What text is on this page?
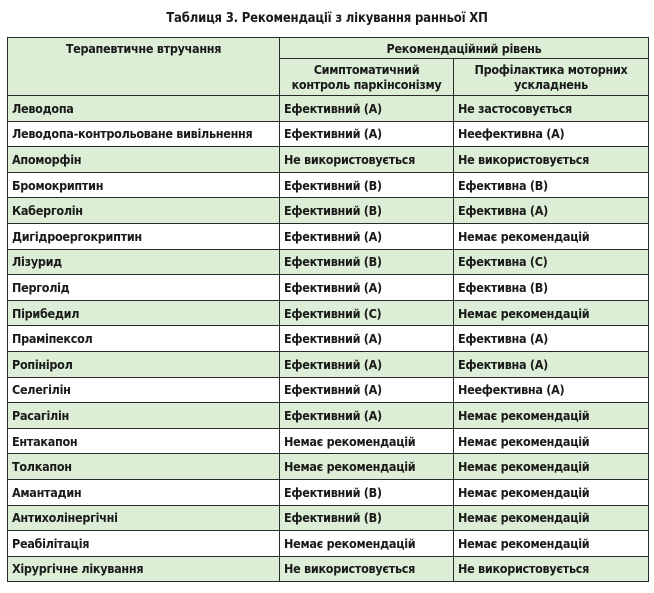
Таблиця 3. Рекомендації з лікування ранньої ХП
Терапевтичне втручання	Рекомендаційний рівень	
	Симптоматичний контроль паркінсонізму	Профілактика моторних ускладнень
Леводопа	Ефективний (A)	Не застосовується
Леводопа-контрольоване вивільнення	Ефективний (A)	Неефективна (A)
Апоморфін	Не використовується	Не використовується
Бромокриптин	Ефективний (В)	Ефективна (В)
Каберголін	Ефективний (В)	Ефективна (A)
Дигідроергокриптин	Ефективний (A)	Немає рекомендацій
Лізурид	Ефективний (В)	Ефективна (С)
Перголід	Ефективний (A)	Ефективна (В)
Пірибедил	Ефективний (С)	Немає рекомендацій
Праміпексол	Ефективний (A)	Ефективна (A)
Ропінірол	Ефективний (A)	Ефективна (A)
Селегілін	Ефективний (A)	Неефективна (A)
Расагілін	Ефективний (A)	Немає рекомендацій
Ентакапон	Немає рекомендацій	Немає рекомендацій
Толкапон	Немає рекомендацій	Немає рекомендацій
Амантадин	Ефективний (В)	Немає рекомендацій
Антихолінергічні	Ефективний (В)	Немає рекомендацій
Реабілітація	Немає рекомендацій	Немає рекомендацій
Хірургічне лікування	Не використовується	Не використовується
